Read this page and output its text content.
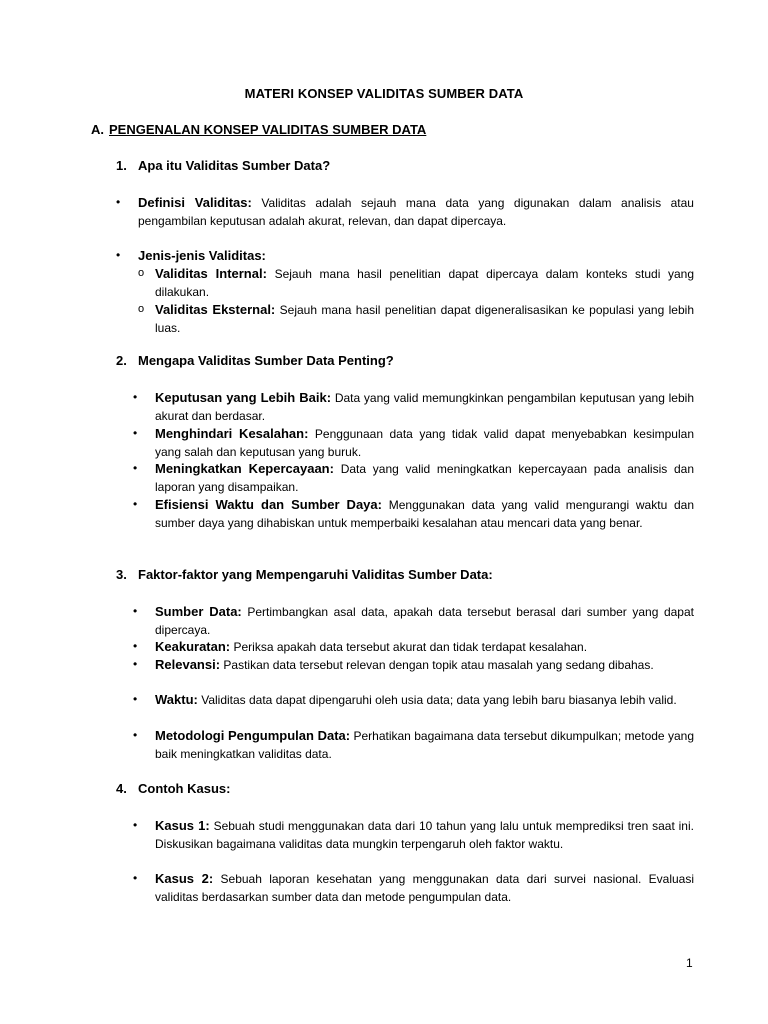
MATERI KONSEP VALIDITAS SUMBER DATA
A. PENGENALAN KONSEP VALIDITAS SUMBER DATA
1. Apa itu Validitas Sumber Data?
•	Definisi Validitas: Validitas adalah sejauh mana data yang digunakan dalam analisis atau pengambilan keputusan adalah akurat, relevan, dan dapat dipercaya.
•	Jenis-jenis Validitas:
o Validitas Internal: Sejauh mana hasil penelitian dapat dipercaya dalam konteks studi yang dilakukan.
o Validitas Eksternal: Sejauh mana hasil penelitian dapat digeneralisasikan ke populasi yang lebih luas.
2. Mengapa Validitas Sumber Data Penting?
•	Keputusan yang Lebih Baik: Data yang valid memungkinkan pengambilan keputusan yang lebih akurat dan berdasar.
•	Menghindari Kesalahan: Penggunaan data yang tidak valid dapat menyebabkan kesimpulan yang salah dan keputusan yang buruk.
•	Meningkatkan Kepercayaan: Data yang valid meningkatkan kepercayaan pada analisis dan laporan yang disampaikan.
•	Efisiensi Waktu dan Sumber Daya: Menggunakan data yang valid mengurangi waktu dan sumber daya yang dihabiskan untuk memperbaiki kesalahan atau mencari data yang benar.
3. Faktor-faktor yang Mempengaruhi Validitas Sumber Data:
•	Sumber Data: Pertimbangkan asal data, apakah data tersebut berasal dari sumber yang dapat dipercaya.
•	Keakuratan: Periksa apakah data tersebut akurat dan tidak terdapat kesalahan.
•	Relevansi: Pastikan data tersebut relevan dengan topik atau masalah yang sedang dibahas.
•	Waktu: Validitas data dapat dipengaruhi oleh usia data; data yang lebih baru biasanya lebih valid.
•	Metodologi Pengumpulan Data: Perhatikan bagaimana data tersebut dikumpulkan; metode yang baik meningkatkan validitas data.
4. Contoh Kasus:
•	Kasus 1: Sebuah studi menggunakan data dari 10 tahun yang lalu untuk memprediksi tren saat ini. Diskusikan bagaimana validitas data mungkin terpengaruh oleh faktor waktu.
•	Kasus 2: Sebuah laporan kesehatan yang menggunakan data dari survei nasional. Evaluasi validitas berdasarkan sumber data dan metode pengumpulan data.
1
